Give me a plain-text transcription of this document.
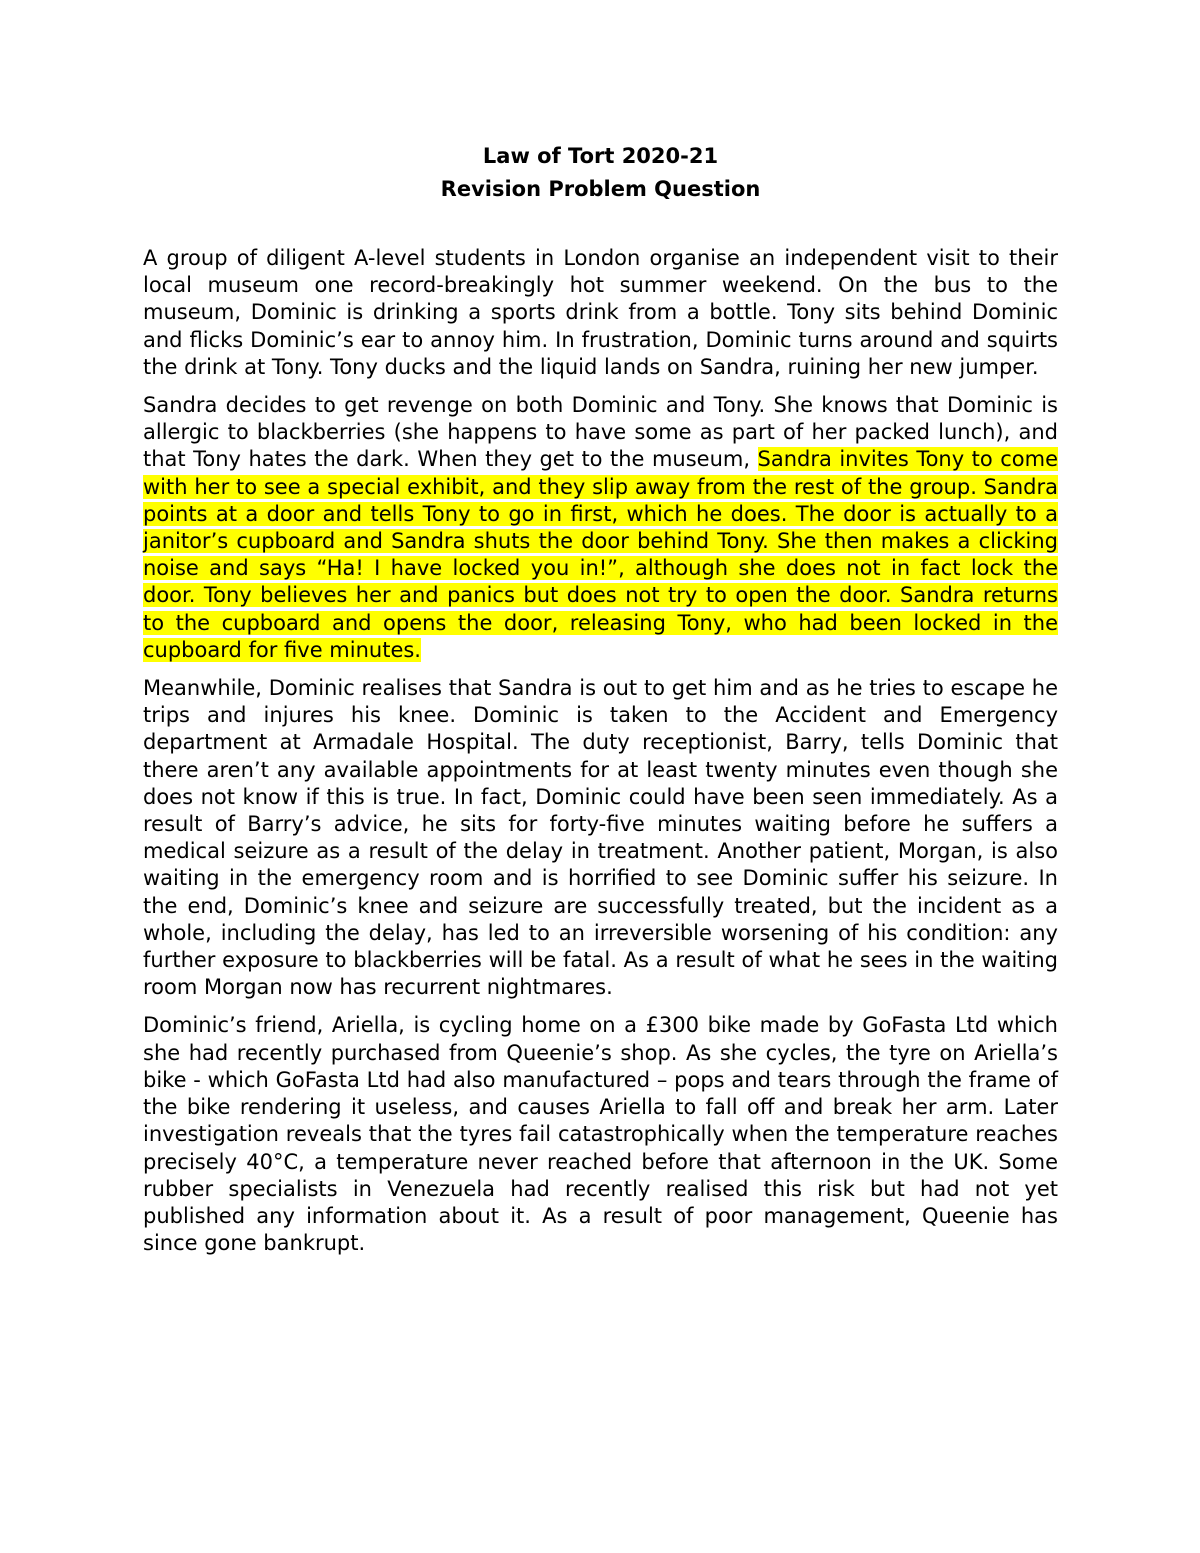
Law of Tort 2020-21

Revision Problem Question

A group of diligent A-level students in London organise an independent visit to their local museum one record-breakingly hot summer weekend. On the bus to the museum, Dominic is drinking a sports drink from a bottle. Tony sits behind Dominic and flicks Dominic’s ear to annoy him. In frustration, Dominic turns around and squirts the drink at Tony. Tony ducks and the liquid lands on Sandra, ruining her new jumper.

Sandra decides to get revenge on both Dominic and Tony. She knows that Dominic is allergic to blackberries (she happens to have some as part of her packed lunch), and that Tony hates the dark. When they get to the museum, Sandra invites Tony to come with her to see a special exhibit, and they slip away from the rest of the group. Sandra points at a door and tells Tony to go in first, which he does. The door is actually to a janitor’s cupboard and Sandra shuts the door behind Tony. She then makes a clicking noise and says “Ha! I have locked you in!”, although she does not in fact lock the door. Tony believes her and panics but does not try to open the door. Sandra returns to the cupboard and opens the door, releasing Tony, who had been locked in the cupboard for five minutes.

Meanwhile, Dominic realises that Sandra is out to get him and as he tries to escape he trips and injures his knee. Dominic is taken to the Accident and Emergency department at Armadale Hospital. The duty receptionist, Barry, tells Dominic that there aren’t any available appointments for at least twenty minutes even though she does not know if this is true. In fact, Dominic could have been seen immediately. As a result of Barry’s advice, he sits for forty-five minutes waiting before he suffers a medical seizure as a result of the delay in treatment. Another patient, Morgan, is also waiting in the emergency room and is horrified to see Dominic suffer his seizure. In the end, Dominic’s knee and seizure are successfully treated, but the incident as a whole, including the delay, has led to an irreversible worsening of his condition: any further exposure to blackberries will be fatal. As a result of what he sees in the waiting room Morgan now has recurrent nightmares.

Dominic’s friend, Ariella, is cycling home on a £300 bike made by GoFasta Ltd which she had recently purchased from Queenie’s shop. As she cycles, the tyre on Ariella’s bike - which GoFasta Ltd had also manufactured – pops and tears through the frame of the bike rendering it useless, and causes Ariella to fall off and break her arm. Later investigation reveals that the tyres fail catastrophically when the temperature reaches precisely 40°C, a temperature never reached before that afternoon in the UK. Some rubber specialists in Venezuela had recently realised this risk but had not yet published any information about it. As a result of poor management, Queenie has since gone bankrupt.
